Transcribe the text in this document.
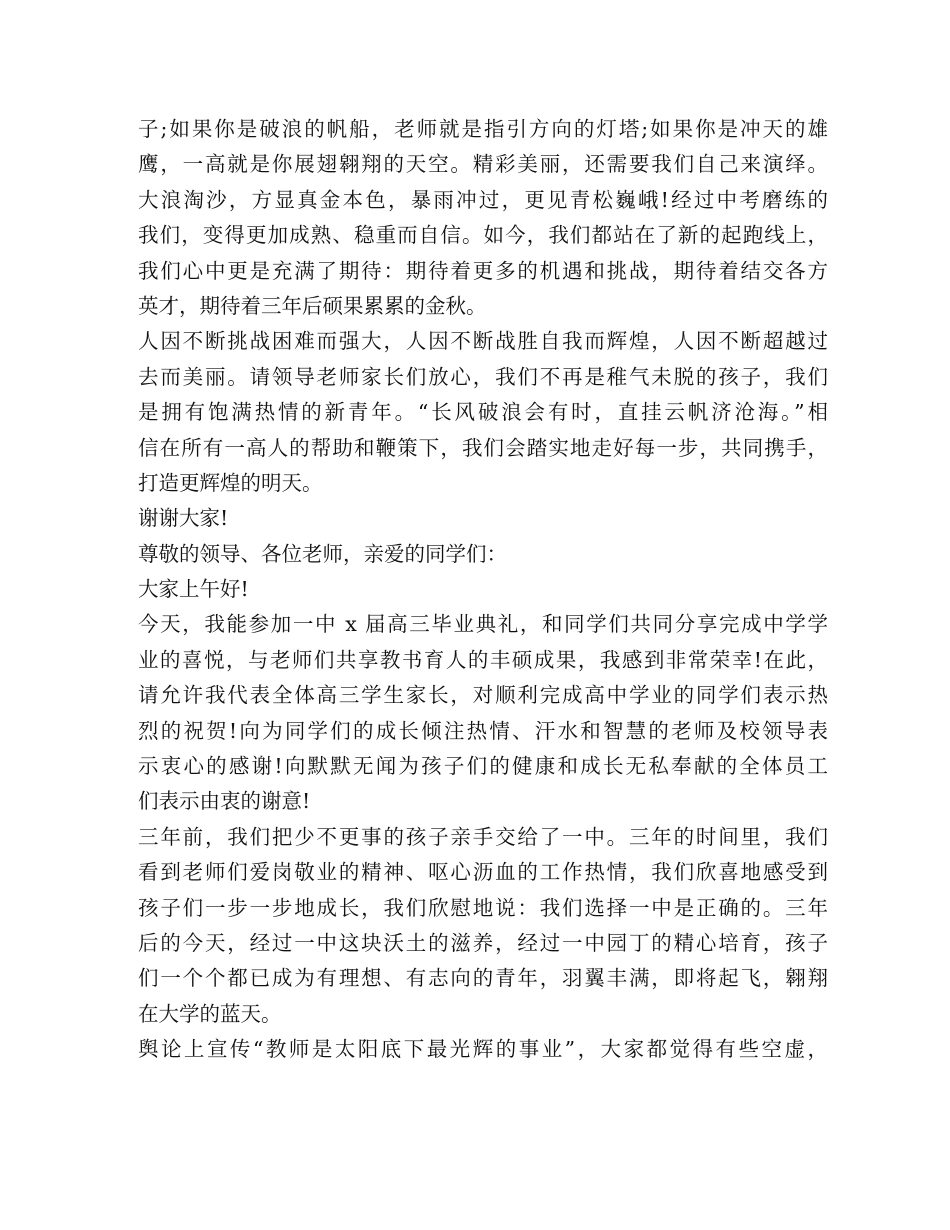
子;如果你是破浪的帆船，老师就是指引方向的灯塔;如果你是冲天的雄
鹰，一高就是你展翅翱翔的天空。精彩美丽，还需要我们自己来演绎。
大浪淘沙，方显真金本色，暴雨冲过，更见青松巍峨!经过中考磨练的
我们，变得更加成熟、稳重而自信。如今，我们都站在了新的起跑线上，
我们心中更是充满了期待：期待着更多的机遇和挑战，期待着结交各方
英才，期待着三年后硕果累累的金秋。
人因不断挑战困难而强大，人因不断战胜自我而辉煌，人因不断超越过
去而美丽。请领导老师家长们放心，我们不再是稚气未脱的孩子，我们
是拥有饱满热情的新青年。“长风破浪会有时，直挂云帆济沧海。”相
信在所有一高人的帮助和鞭策下，我们会踏实地走好每一步，共同携手，
打造更辉煌的明天。
谢谢大家!
尊敬的领导、各位老师，亲爱的同学们：
大家上午好!
今天，我能参加一中 x 届高三毕业典礼，和同学们共同分享完成中学学
业的喜悦，与老师们共享教书育人的丰硕成果，我感到非常荣幸!在此，
请允许我代表全体高三学生家长，对顺利完成高中学业的同学们表示热
烈的祝贺!向为同学们的成长倾注热情、汗水和智慧的老师及校领导表
示衷心的感谢!向默默无闻为孩子们的健康和成长无私奉献的全体员工
们表示由衷的谢意!
三年前，我们把少不更事的孩子亲手交给了一中。三年的时间里，我们
看到老师们爱岗敬业的精神、呕心沥血的工作热情，我们欣喜地感受到
孩子们一步一步地成长，我们欣慰地说：我们选择一中是正确的。三年
后的今天，经过一中这块沃土的滋养，经过一中园丁的精心培育，孩子
们一个个都已成为有理想、有志向的青年，羽翼丰满，即将起飞，翱翔
在大学的蓝天。
舆论上宣传“教师是太阳底下最光辉的事业”，大家都觉得有些空虚，
